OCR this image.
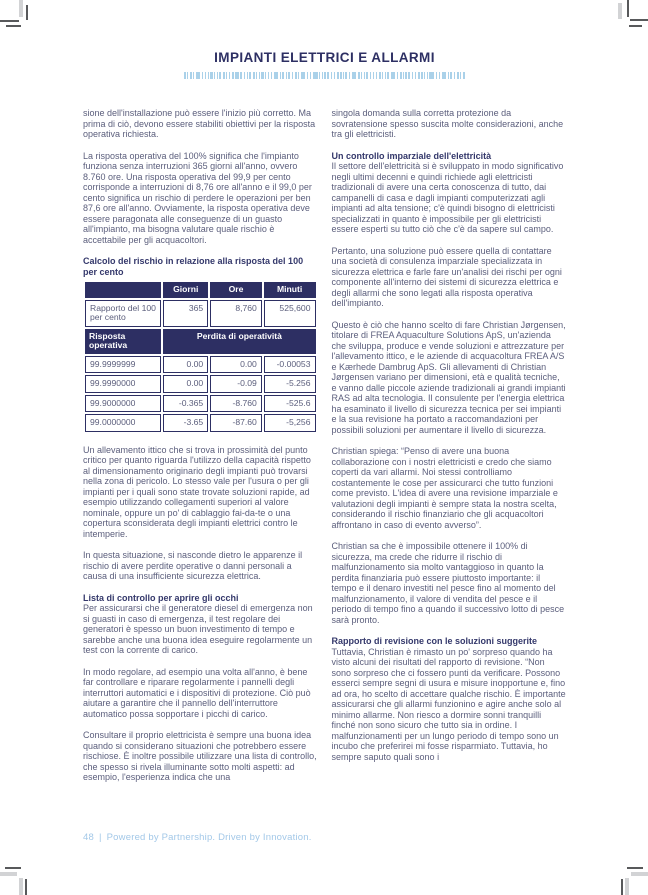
IMPIANTI ELETTRICI E ALLARMI

sione dell'installazione può essere l'inizio più corretto. Ma prima di ciò, devono essere stabiliti obiettivi per la risposta operativa richiesta.

La risposta operativa del 100% significa che l'impianto funziona senza interruzioni 365 giorni all'anno, ovvero 8.760 ore. Una risposta operativa del 99,9 per cento corrisponde a interruzioni di 8,76 ore all'anno e il 99,0 per cento significa un rischio di perdere le operazioni per ben 87,6 ore all'anno. Ovviamente, la risposta operativa deve essere paragonata alle conseguenze di un guasto all'impianto, ma bisogna valutare quale rischio è accettabile per gli acquacoltori.

Calcolo del rischio in relazione alla risposta del 100 per cento

	Giorni	Ore	Minuti
Rapporto del 100 per cento	365	8,760	525,600
Risposta operativa	Perdita di operatività		
99.9999999	0.00	0.00	-0.00053
99.9990000	0.00	-0.09	-5.256
99.9000000	-0.365	-8.760	-525.6
99.0000000	-3.65	-87.60	-5,256

Un allevamento ittico che si trova in prossimità del punto critico per quanto riguarda l'utilizzo della capacità rispetto al dimensionamento originario degli impianti può trovarsi nella zona di pericolo. Lo stesso vale per l'usura o per gli impianti per i quali sono state trovate soluzioni rapide, ad esempio utilizzando collegamenti superiori al valore nominale, oppure un po' di cablaggio fai-da-te o una copertura sconsiderata degli impianti elettrici contro le intemperie.

In questa situazione, si nasconde dietro le apparenze il rischio di avere perdite operative o danni personali a causa di una insufficiente sicurezza elettrica.

Lista di controllo per aprire gli occhi

Per assicurarsi che il generatore diesel di emergenza non si guasti in caso di emergenza, il test regolare dei generatori è spesso un buon investimento di tempo e sarebbe anche una buona idea eseguire regolarmente un test con la corrente di carico.

In modo regolare, ad esempio una volta all'anno, è bene far controllare e riparare regolarmente i pannelli degli interruttori automatici e i dispositivi di protezione. Ciò può aiutare a garantire che il pannello dell'interruttore automatico possa sopportare i picchi di carico.

Consultare il proprio elettricista è sempre una buona idea quando si considerano situazioni che potrebbero essere rischiose. È inoltre possibile utilizzare una lista di controllo, che spesso si rivela illuminante sotto molti aspetti: ad esempio, l'esperienza indica che una

singola domanda sulla corretta protezione da sovratensione spesso suscita molte considerazioni, anche tra gli elettricisti.

Un controllo imparziale dell'elettricità

Il settore dell'elettricità si è sviluppato in modo significativo negli ultimi decenni e quindi richiede agli elettricisti tradizionali di avere una certa conoscenza di tutto, dai campanelli di casa e dagli impianti computerizzati agli impianti ad alta tensione; c'è quindi bisogno di elettricisti specializzati in quanto è impossibile per gli elettricisti essere esperti su tutto ciò che c'è da sapere sul campo.

Pertanto, una soluzione può essere quella di contattare una società di consulenza imparziale specializzata in sicurezza elettrica e farle fare un'analisi dei rischi per ogni componente all'interno dei sistemi di sicurezza elettrica e degli allarmi che sono legati alla risposta operativa dell'impianto.

Questo è ciò che hanno scelto di fare Christian Jørgensen, titolare di FREA Aquaculture Solutions ApS, un'azienda che sviluppa, produce e vende soluzioni e attrezzature per l'allevamento ittico, e le aziende di acquacoltura FREA A/S e Kærhede Dambrug ApS. Gli allevamenti di Christian Jørgensen variano per dimensioni, età e qualità tecniche, e vanno dalle piccole aziende tradizionali ai grandi impianti RAS ad alta tecnologia. Il consulente per l'energia elettrica ha esaminato il livello di sicurezza tecnica per sei impianti e la sua revisione ha portato a raccomandazioni per possibili soluzioni per aumentare il livello di sicurezza.

Christian spiega: “Penso di avere una buona collaborazione con i nostri elettricisti e credo che siamo coperti da vari allarmi. Noi stessi controlliamo costantemente le cose per assicurarci che tutto funzioni come previsto. L'idea di avere una revisione imparziale e valutazioni degli impianti è sempre stata la nostra scelta, considerando il rischio finanziario che gli acquacoltori affrontano in caso di evento avverso”.

Christian sa che è impossibile ottenere il 100% di sicurezza, ma crede che ridurre il rischio di malfunzionamento sia molto vantaggioso in quanto la perdita finanziaria può essere piuttosto importante: il tempo e il denaro investiti nel pesce fino al momento del malfunzionamento, il valore di vendita del pesce e il periodo di tempo fino a quando il successivo lotto di pesce sarà pronto.

Rapporto di revisione con le soluzioni suggerite

Tuttavia, Christian è rimasto un po' sorpreso quando ha visto alcuni dei risultati del rapporto di revisione. “Non sono sorpreso che ci fossero punti da verificare. Possono esserci sempre segni di usura e misure inopportune e, fino ad ora, ho scelto di accettare qualche rischio. È importante assicurarsi che gli allarmi funzionino e agire anche solo al minimo allarme. Non riesco a dormire sonni tranquilli finché non sono sicuro che tutto sia in ordine. I malfunzionamenti per un lungo periodo di tempo sono un incubo che preferirei mi fosse risparmiato. Tuttavia, ho sempre saputo quali sono i

48 | Powered by Partnership. Driven by Innovation.
